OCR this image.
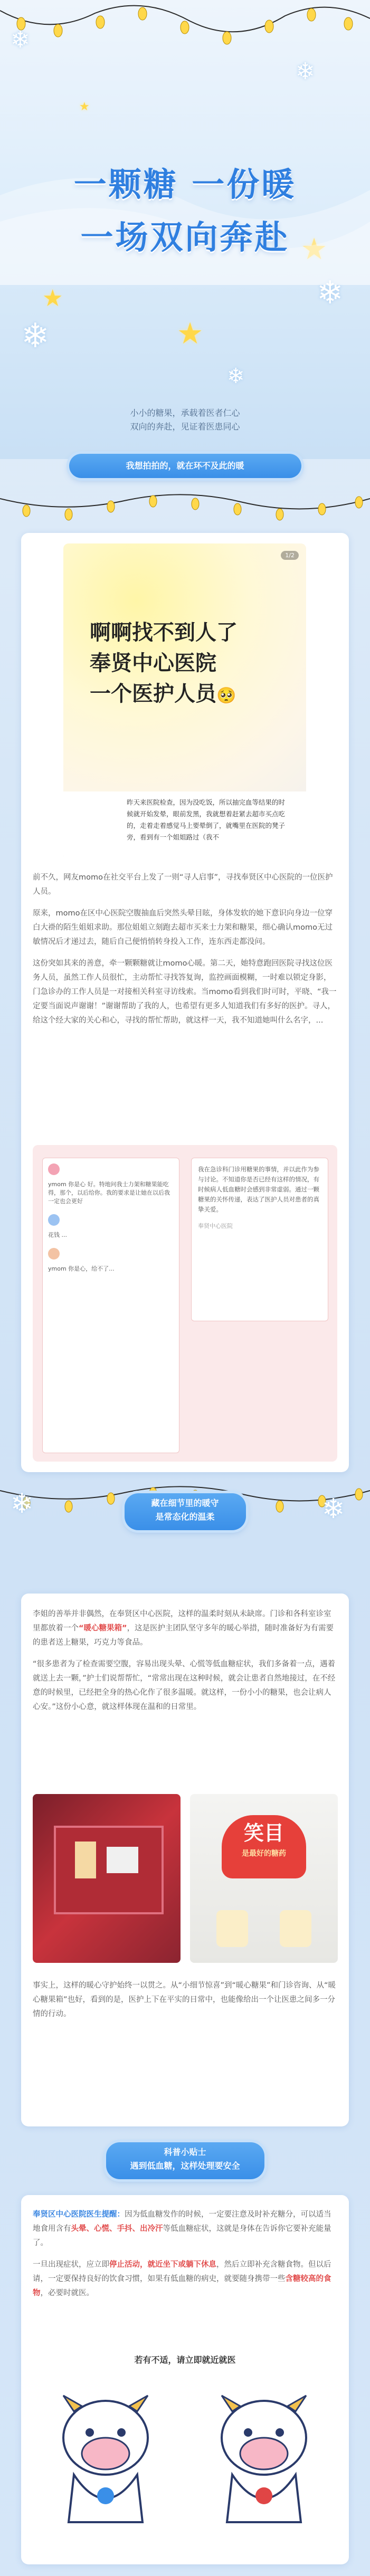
❄
❄
❄
❄
❄
★
★
★
★
一颗糖 一份暖
一场双向奔赴
小小的糖果，承载着医者仁心
双向的奔赴，见证着医患同心
我想拍拍的，就在环不及此的暖
1/2
啊啊找不到人了
奉贤中心医院
一个医护人员🥺
昨天来医院检查，因为没吃饭，所以抽完血等结果的时候就开始发晕，眼前发黑，我就想着赶紧去超市买点吃的，走着走着感觉马上要晕倒了，就嘴里在医院的凳子旁，看到有一个姐姐路过（我不

前不久，网友momo在社交平台上发了一则“寻人启事”，寻找奉贤区中心医院的一位医护人员。

原来，momo在区中心医院空腹抽血后突然头晕目眩，身体发软的她下意识向身边一位穿白大褂的陌生姐姐求助。那位姐姐立刻跑去超市买来士力架和糖果，细心确认momo无过敏情况后才递过去，随后自己便悄悄转身投入工作，连东西走都没问。

这份突如其来的善意，牵一颗颗糖就让momo心暖。第二天，她特意跑回医院寻找这位医务人员，虽然工作人员很忙，主动帮忙寻找答复询，监控画面模糊，一时难以锁定身影，门急诊办的工作人员是一对接相关科室寻访线索。当momo看到我们时可时，平晓、“我一定要当面说声谢谢！”谢谢帮助了我的人，也希望有更多人知道我们有多好的医护。寻人，给这个经大家的关心和心，寻找的帮忙帮助，就这样一天，我不知道她叫什么名字，...

ymom 你是心 好。特地问我士力架和糖果能吃得，那个，以后给你。我的要求是让她在以后我一定也会更好
花钱 ...
ymom 你是心，给不了...
我在急诊科门诊用糖果的事情，并以此作为参与讨论。不知道你是否已经有这样的情况，有时候病人低血糖时会感到非常虚弱。通过一颗糖果的关怀传递，表达了医护人员对患者的真挚关爱。
奉贤中心医院
❄	❄
藏在细节里的暖守
是常态化的温柔

李姐的善举并非偶然，在奉贤区中心医院，这样的温柔时刻从未缺席。门诊和各科室诊室里都放着一个“暖心糖果箱”，这是医护主团队坚守多年的暖心举措，随时准备好为有需要的患者送上糖果，巧克力等食品。

“很多患者为了检查需要空腹，容易出现头晕、心慌等低血糖症状，我们多备着一点，遇着就送上去一颗，”护士们说帮帮忙，“常常出现在这种时候，就会让患者自然地接过，在不经意的时候里，已经把全身的热心化作了很多温暖。就这样，一份小小的糖果，也会让病人心安。”这份小心意，就这样体现在温和的日常里。

笑目
是最好的糖药

事实上，这样的暖心守护始终一以贯之。从“小细节惊喜”到“暖心糖果”和门诊咨询、从“暖心糖果箱”也好，看到的是，医护上下在平实的日常中，也能像给出一个让医患之间多一分情的行动。

科普小贴士
遇到低血糖，这样处理要安全

奉贤区中心医院医生提醒：因为低血糖发作的时候，一定要注意及时补充糖分，可以适当地食用含有头晕、心慌、手抖、出冷汗等低血糖症状，这就是身体在告诉你它要补充能量了。

一旦出现症状，应立即停止活动，就近坐下或躺下休息，然后立即补充含糖食物。但以后请，一定要保持良好的饮食习惯，如果有低血糖的病史，就要随身携带一些含糖较高的食物，必要时就医。

若有不适，请立即就近就医
